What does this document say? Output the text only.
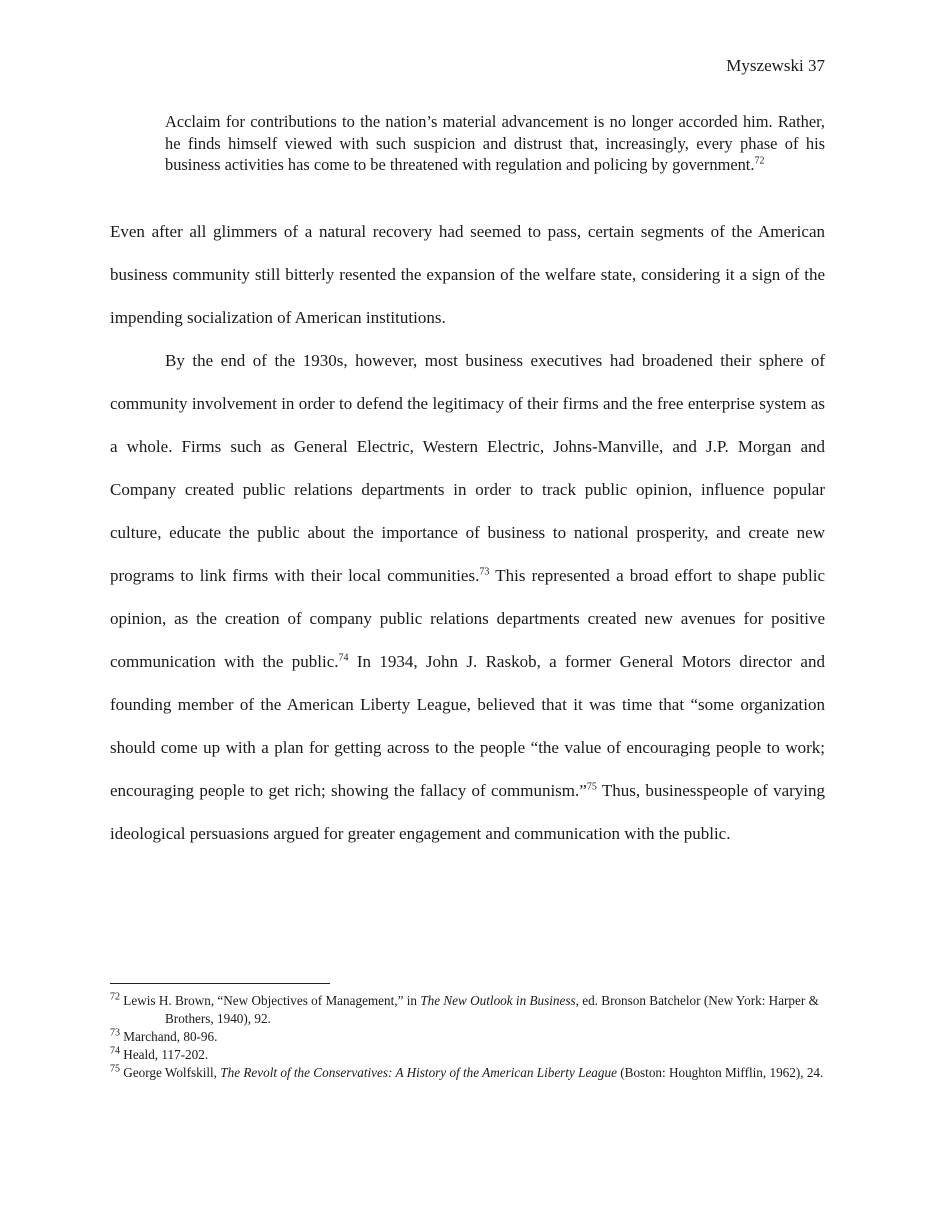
Myszewski 37
Acclaim for contributions to the nation’s material advancement is no longer accorded him. Rather, he finds himself viewed with such suspicion and distrust that, increasingly, every phase of his business activities has come to be threatened with regulation and policing by government.$^{72}$

Even after all glimmers of a natural recovery had seemed to pass, certain segments of the American business community still bitterly resented the expansion of the welfare state, considering it a sign of the impending socialization of American institutions.

By the end of the 1930s, however, most business executives had broadened their sphere of community involvement in order to defend the legitimacy of their firms and the free enterprise system as a whole. Firms such as General Electric, Western Electric, Johns-Manville, and J.P. Morgan and Company created public relations departments in order to track public opinion, influence popular culture, educate the public about the importance of business to national prosperity, and create new programs to link firms with their local communities.$^{73}$ This represented a broad effort to shape public opinion, as the creation of company public relations departments created new avenues for positive communication with the public.$^{74}$ In 1934, John J. Raskob, a former General Motors director and founding member of the American Liberty League, believed that it was time that “some organization should come up with a plan for getting across to the people “the value of encouraging people to work; encouraging people to get rich; showing the fallacy of communism.”$^{75}$ Thus, businesspeople of varying ideological persuasions argued for greater engagement and communication with the public.

$^{72}$ Lewis H. Brown, “New Objectives of Management,” in The New Outlook in Business, ed. Bronson Batchelor (New York: Harper & Brothers, 1940), 92.

$^{73}$ Marchand, 80-96.

$^{74}$ Heald, 117-202.

$^{75}$ George Wolfskill, The Revolt of the Conservatives: A History of the American Liberty League (Boston: Houghton Mifflin, 1962), 24.
